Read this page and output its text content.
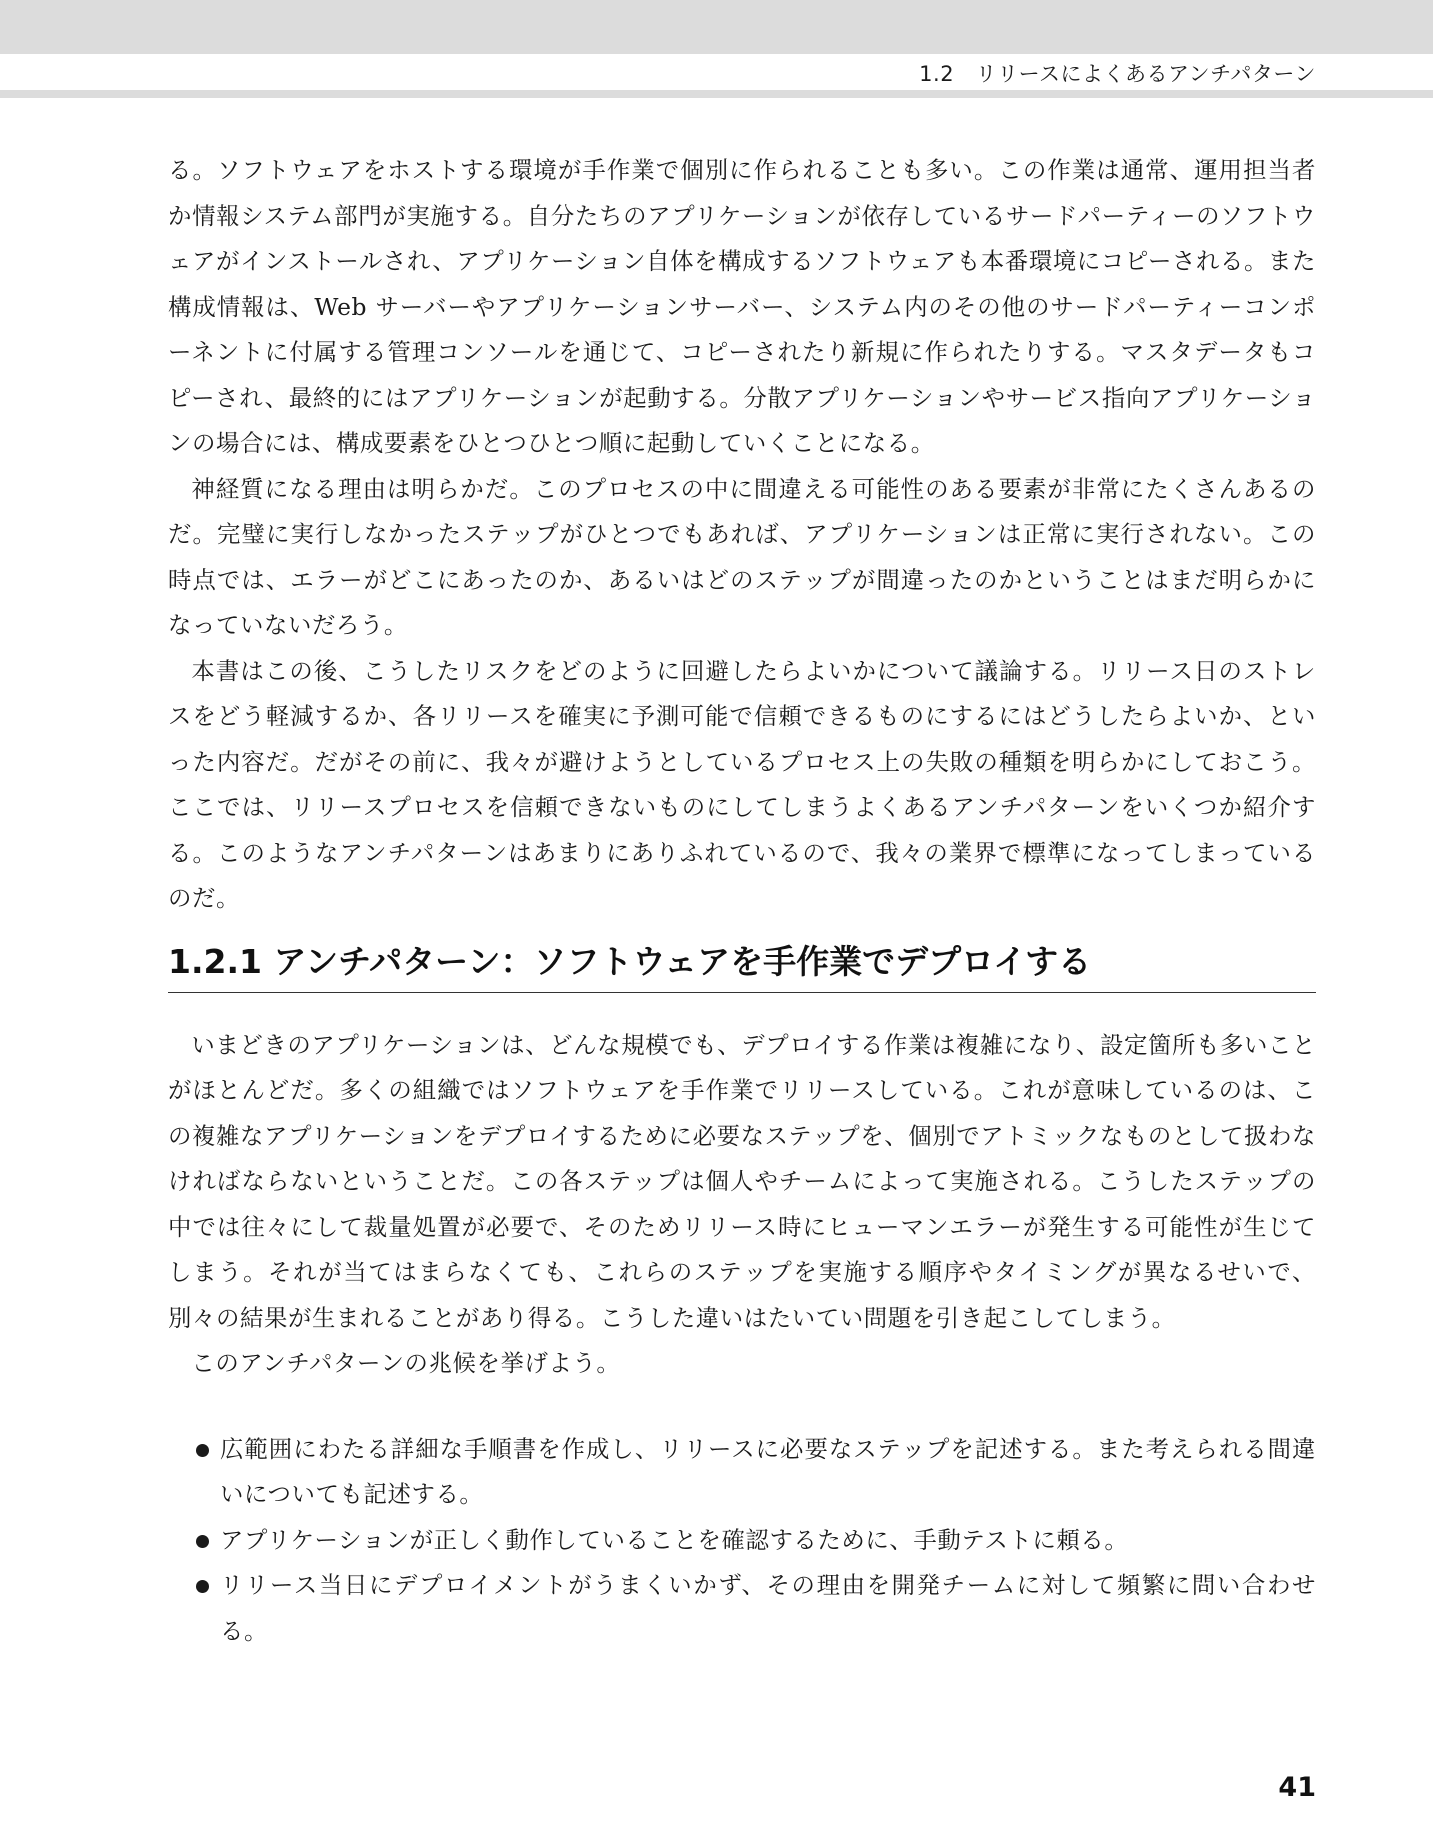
1.2　リリースによくあるアンチパターン

る。ソフトウェアをホストする環境が手作業で個別に作られることも多い。この作業は通常、運用担当者か情報システム部門が実施する。自分たちのアプリケーションが依存しているサードパーティーのソフトウェアがインストールされ、アプリケーション自体を構成するソフトウェアも本番環境にコピーされる。また構成情報は、Web サーバーやアプリケーションサーバー、システム内のその他のサードパーティーコンポーネントに付属する管理コンソールを通じて、コピーされたり新規に作られたりする。マスタデータもコピーされ、最終的にはアプリケーションが起動する。分散アプリケーションやサービス指向アプリケーションの場合には、構成要素をひとつひとつ順に起動していくことになる。

神経質になる理由は明らかだ。このプロセスの中に間違える可能性のある要素が非常にたくさんあるのだ。完璧に実行しなかったステップがひとつでもあれば、アプリケーションは正常に実行されない。この時点では、エラーがどこにあったのか、あるいはどのステップが間違ったのかということはまだ明らかになっていないだろう。

本書はこの後、こうしたリスクをどのように回避したらよいかについて議論する。リリース日のストレスをどう軽減するか、各リリースを確実に予測可能で信頼できるものにするにはどうしたらよいか、といった内容だ。だがその前に、我々が避けようとしているプロセス上の失敗の種類を明らかにしておこう。ここでは、リリースプロセスを信頼できないものにしてしまうよくあるアンチパターンをいくつか紹介する。このようなアンチパターンはあまりにありふれているので、我々の業界で標準になってしまっているのだ。

1.2.1 アンチパターン：ソフトウェアを手作業でデプロイする

いまどきのアプリケーションは、どんな規模でも、デプロイする作業は複雑になり、設定箇所も多いことがほとんどだ。多くの組織ではソフトウェアを手作業でリリースしている。これが意味しているのは、この複雑なアプリケーションをデプロイするために必要なステップを、個別でアトミックなものとして扱わなければならないということだ。この各ステップは個人やチームによって実施される。こうしたステップの中では往々にして裁量処置が必要で、そのためリリース時にヒューマンエラーが発生する可能性が生じてしまう。それが当てはまらなくても、これらのステップを実施する順序やタイミングが異なるせいで、別々の結果が生まれることがあり得る。こうした違いはたいてい問題を引き起こしてしまう。

このアンチパターンの兆候を挙げよう。

広範囲にわたる詳細な手順書を作成し、リリースに必要なステップを記述する。また考えられる間違いについても記述する。

アプリケーションが正しく動作していることを確認するために、手動テストに頼る。

リリース当日にデプロイメントがうまくいかず、その理由を開発チームに対して頻繁に問い合わせる。

41
